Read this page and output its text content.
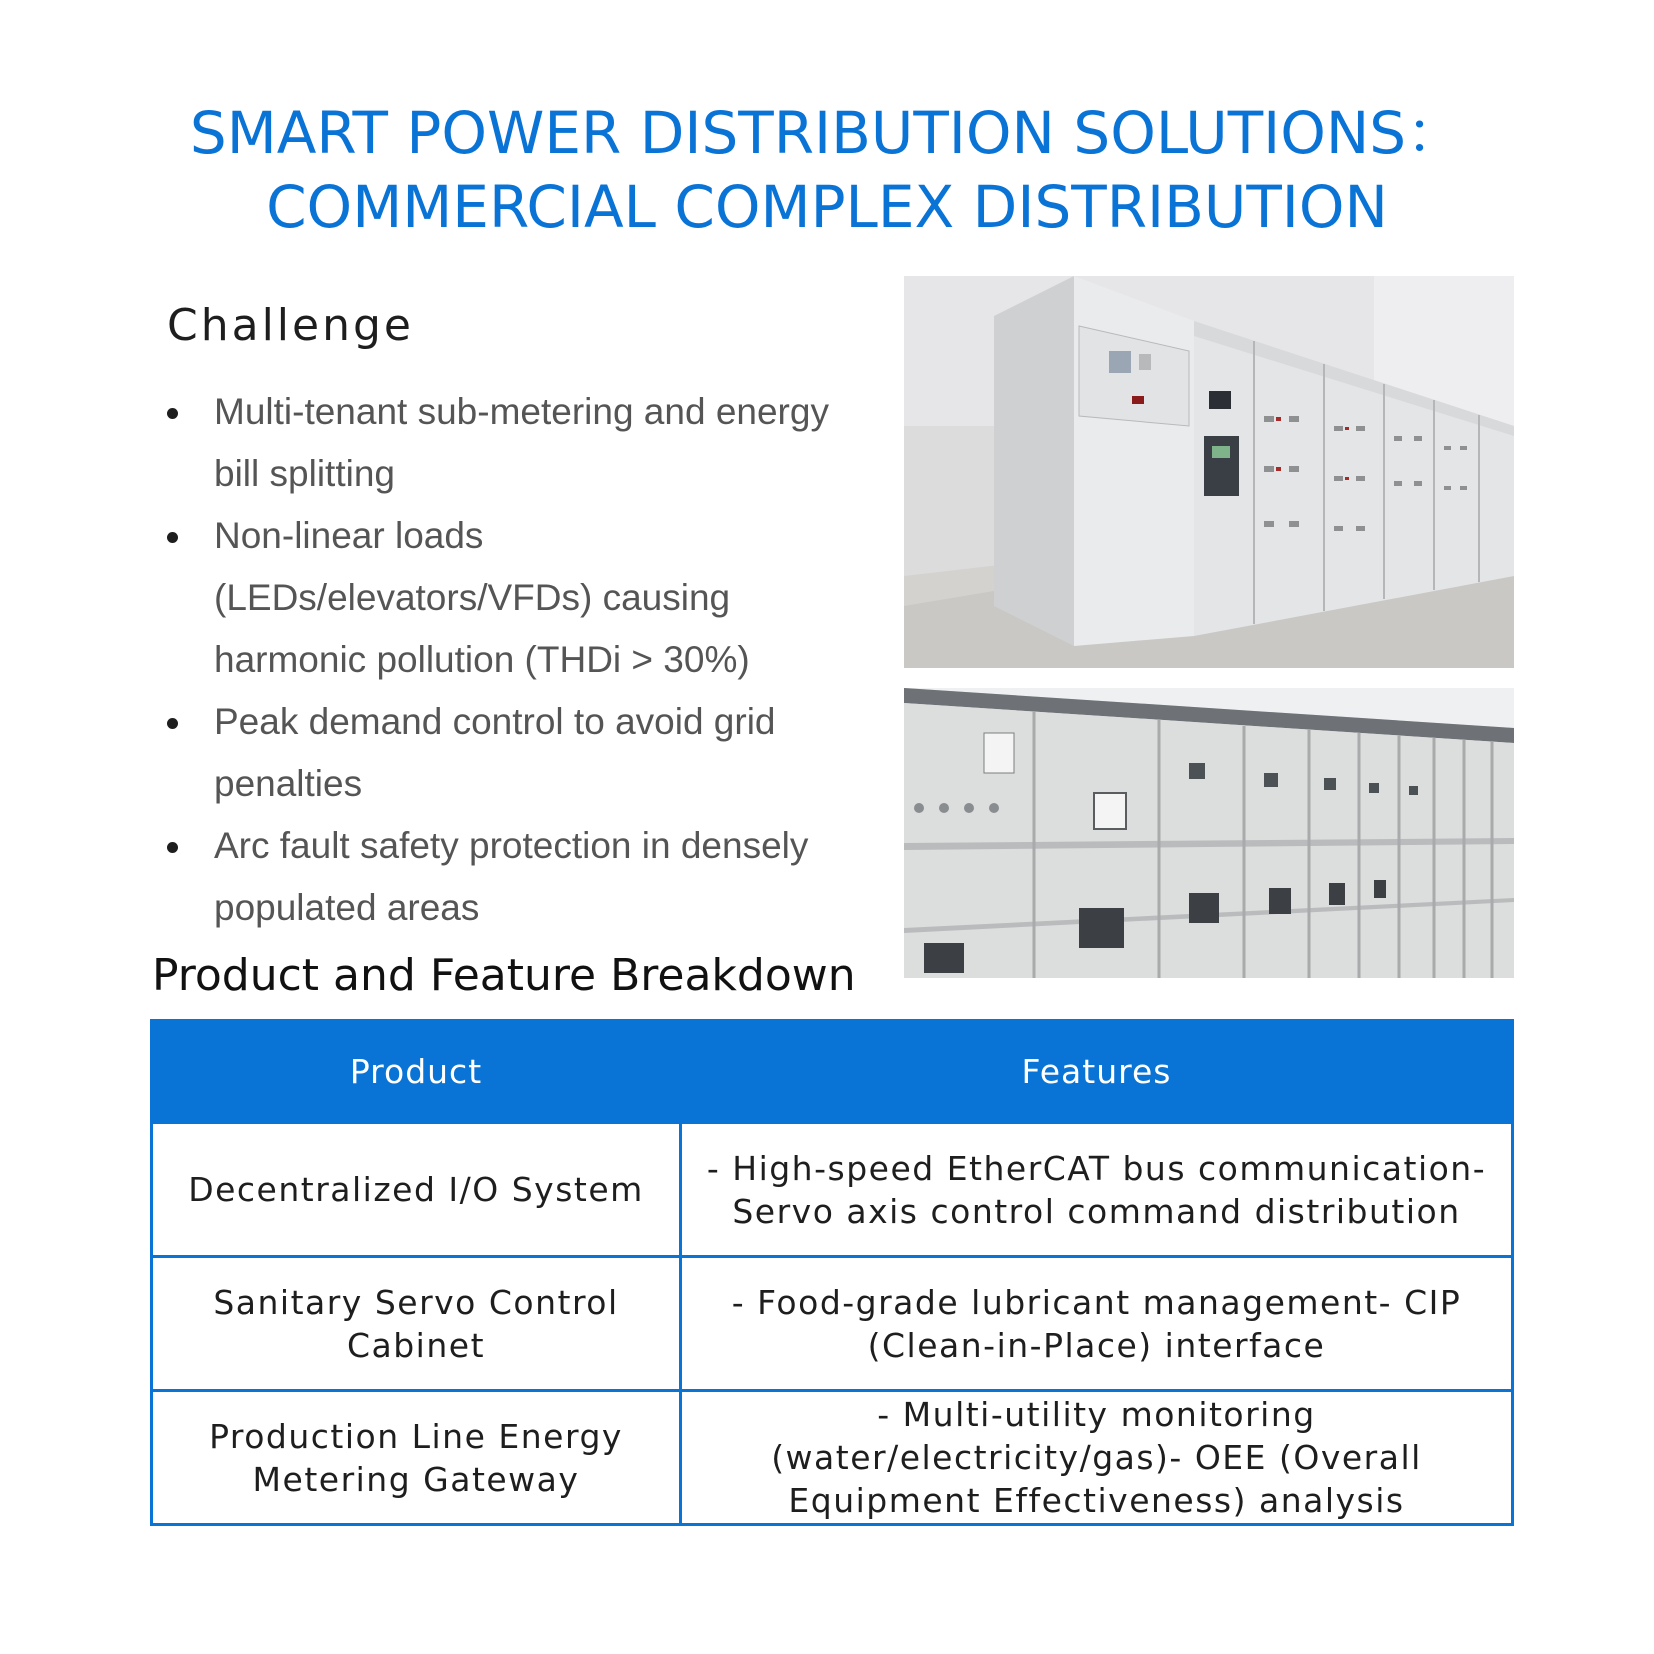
SMART POWER DISTRIBUTION SOLUTIONS：
COMMERCIAL COMPLEX DISTRIBUTION
Challenge
Multi-tenant sub-metering and energy bill splitting
Non-linear loads (LEDs/elevators/VFDs) causing harmonic pollution (THDi > 30%)
Peak demand control to avoid grid penalties
Arc fault safety protection in densely populated areas
Product and Feature Breakdown
Product	Features
Decentralized I/O System	- High-speed EtherCAT bus communication- Servo axis control command distribution
Sanitary Servo Control Cabinet	- Food-grade lubricant management- CIP (Clean-in-Place) interface
Production Line Energy Metering Gateway	- Multi-utility monitoring (water/electricity/gas)- OEE (Overall Equipment Effectiveness) analysis
